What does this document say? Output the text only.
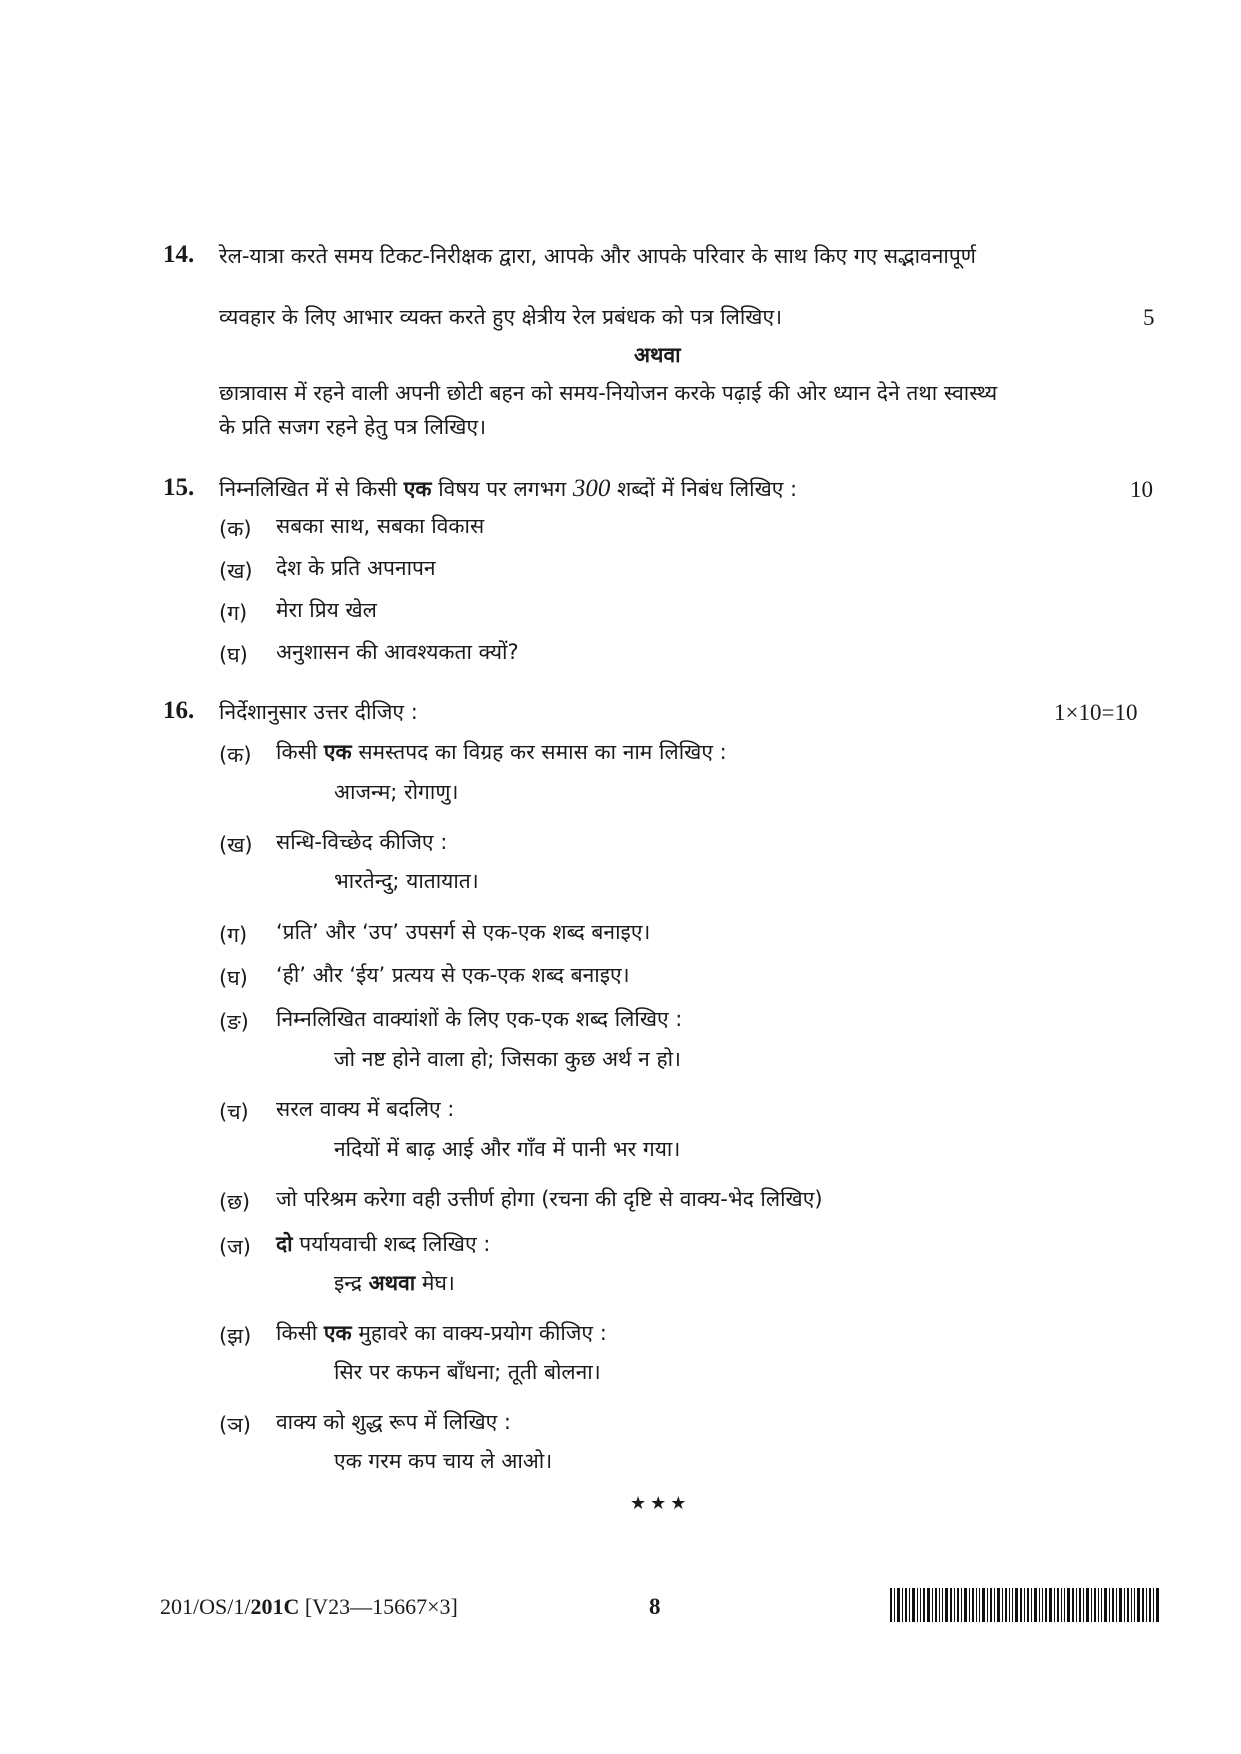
14. रेल-यात्रा करते समय टिकट-निरीक्षक द्वारा, आपके और आपके परिवार के साथ किए गए सद्भावनापूर्ण
व्यवहार के लिए आभार व्यक्त करते हुए क्षेत्रीय रेल प्रबंधक को पत्र लिखिए।	5
अथवा
छात्रावास में रहने वाली अपनी छोटी बहन को समय-नियोजन करके पढ़ाई की ओर ध्यान देने तथा स्वास्थ्य
के प्रति सजग रहने हेतु पत्र लिखिए।
15. निम्नलिखित में से किसी एक विषय पर लगभग 300 शब्दों में निबंध लिखिए :	10
(क) सबका साथ, सबका विकास
(ख) देश के प्रति अपनापन
(ग) मेरा प्रिय खेल
(घ) अनुशासन की आवश्यकता क्यों?
16. निर्देशानुसार उत्तर दीजिए :	1×10=10
(क) किसी एक समस्तपद का विग्रह कर समास का नाम लिखिए :
आजन्म; रोगाणु।
(ख) सन्धि-विच्छेद कीजिए :
भारतेन्दु; यातायात।
(ग) ‘प्रति’ और ‘उप’ उपसर्ग से एक-एक शब्द बनाइए।
(घ) ‘ही’ और ‘ईय’ प्रत्यय से एक-एक शब्द बनाइए।
(ङ) निम्नलिखित वाक्यांशों के लिए एक-एक शब्द लिखिए :
जो नष्ट होने वाला हो; जिसका कुछ अर्थ न हो।
(च) सरल वाक्य में बदलिए :
नदियों में बाढ़ आई और गाँव में पानी भर गया।
(छ) जो परिश्रम करेगा वही उत्तीर्ण होगा (रचना की दृष्टि से वाक्य-भेद लिखिए)
(ज) दो पर्यायवाची शब्द लिखिए :
इन्द्र अथवा मेघ।
(झ) किसी एक मुहावरे का वाक्य-प्रयोग कीजिए :
सिर पर कफन बाँधना; तूती बोलना।
(ञ) वाक्य को शुद्ध रूप में लिखिए :
एक गरम कप चाय ले आओ।
★★★
201/OS/1/201C [V23—15667×3]	8
